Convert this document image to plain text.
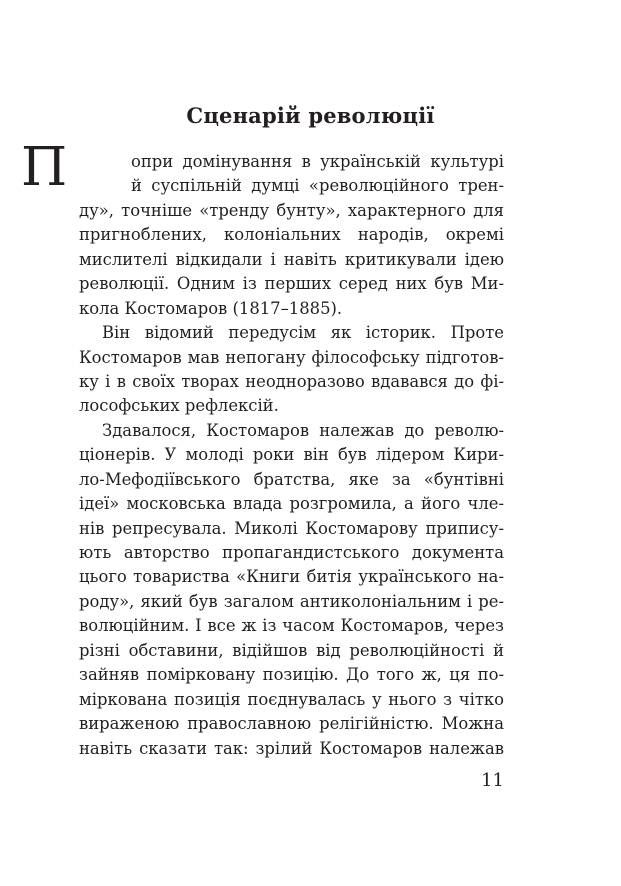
Сценарій революції
П	опри домінування в українській культурі
й суспільній думці «революційного трен-
ду», точніше «тренду бунту», характерного для
пригноблених, колоніальних народів, окремі
мислителі відкидали і навіть критикували ідею
революції. Одним із перших серед них був Ми-
кола Костомаров (1817–1885).
Він відомий передусім як історик. Проте
Костомаров мав непогану філософську підготов-
ку і в своїх творах неодноразово вдавався до фі-
лософських рефлексій.
Здавалося, Костомаров належав до револю-
ціонерів. У молоді роки він був лідером Кири-
ло-Мефодіївського братства, яке за «бунтівні
ідеї» московська влада розгромила, а його чле-
нів репресувала. Миколі Костомарову припису-
ють авторство пропагандистського документа
цього товариства «Книги битія українського на-
роду», який був загалом антиколоніальним і ре-
волюційним. І все ж із часом Костомаров, через
різні обставини, відійшов від революційності й
зайняв поміркованy позицію. До того ж, ця по-
міркована позиція поєднувалась у нього з чітко
вираженою православною релігійністю. Можна
навіть сказати так: зрілий Костомаров належав
11
